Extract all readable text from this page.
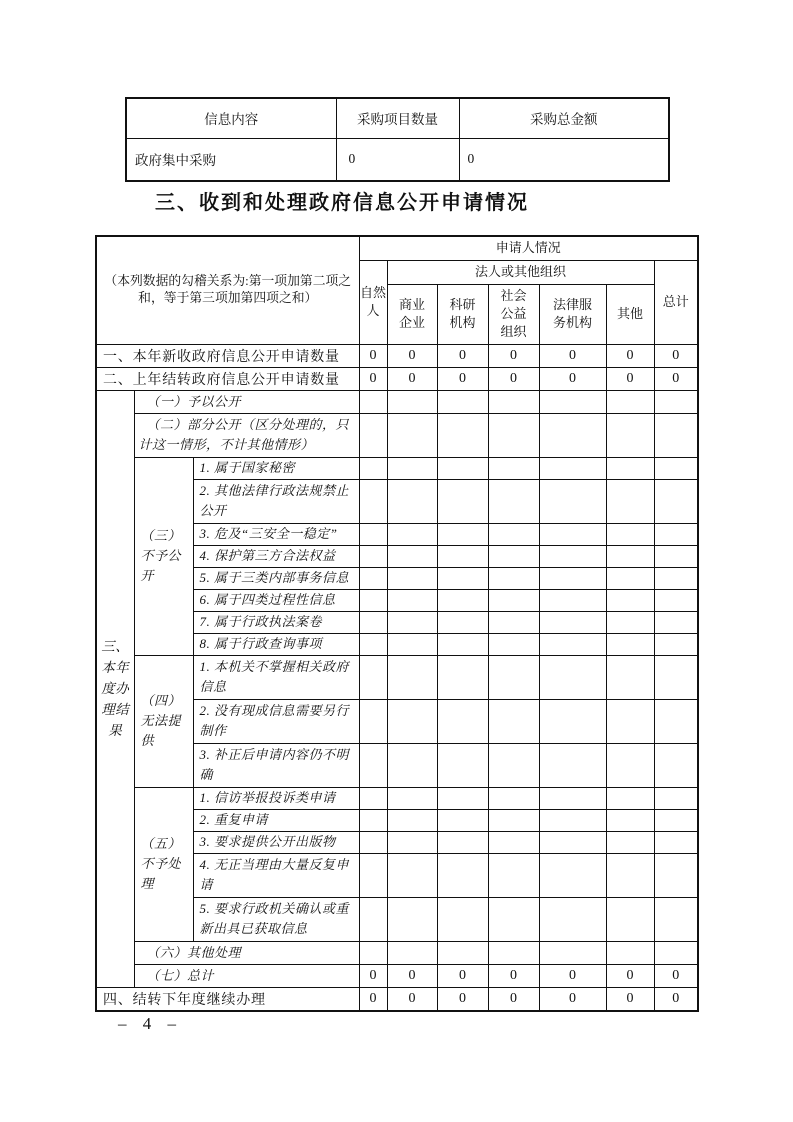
信息内容	采购项目数量	采购总金额
政府集中采购	0	0
三、收到和处理政府信息公开申请情况
（本列数据的勾稽关系为:第一项加第二项之和，等于第三项加第四项之和）			申请人情况						
			自然人	法人或其他组织					总计
				商业企业	科研机构	社会公益组织	法律服务机构	其他	
一、本年新收政府信息公开申请数量			0	0	0	0	0	0	0
二、上年结转政府信息公开申请数量			0	0	0	0	0	0	0
三、本年度办理结果	（一）予以公开								
	（二）部分公开（区分处理的，只计这一情形，不计其他情形）								
	（三）不予公开	1. 属于国家秘密							
		2. 其他法律行政法规禁止公开							
		3. 危及“三安全一稳定”							
		4. 保护第三方合法权益							
		5. 属于三类内部事务信息							
		6. 属于四类过程性信息							
		7. 属于行政执法案卷							
		8. 属于行政查询事项							
	（四）无法提供	1. 本机关不掌握相关政府信息							
		2. 没有现成信息需要另行制作							
		3. 补正后申请内容仍不明确							
	（五）不予处理	1. 信访举报投诉类申请							
		2. 重复申请							
		3. 要求提供公开出版物							
		4. 无正当理由大量反复申请							
		5. 要求行政机关确认或重新出具已获取信息							
	（六）其他处理								
	（七）总计		0	0	0	0	0	0	0
四、结转下年度继续办理			0	0	0	0	0	0	0
– 4 –
